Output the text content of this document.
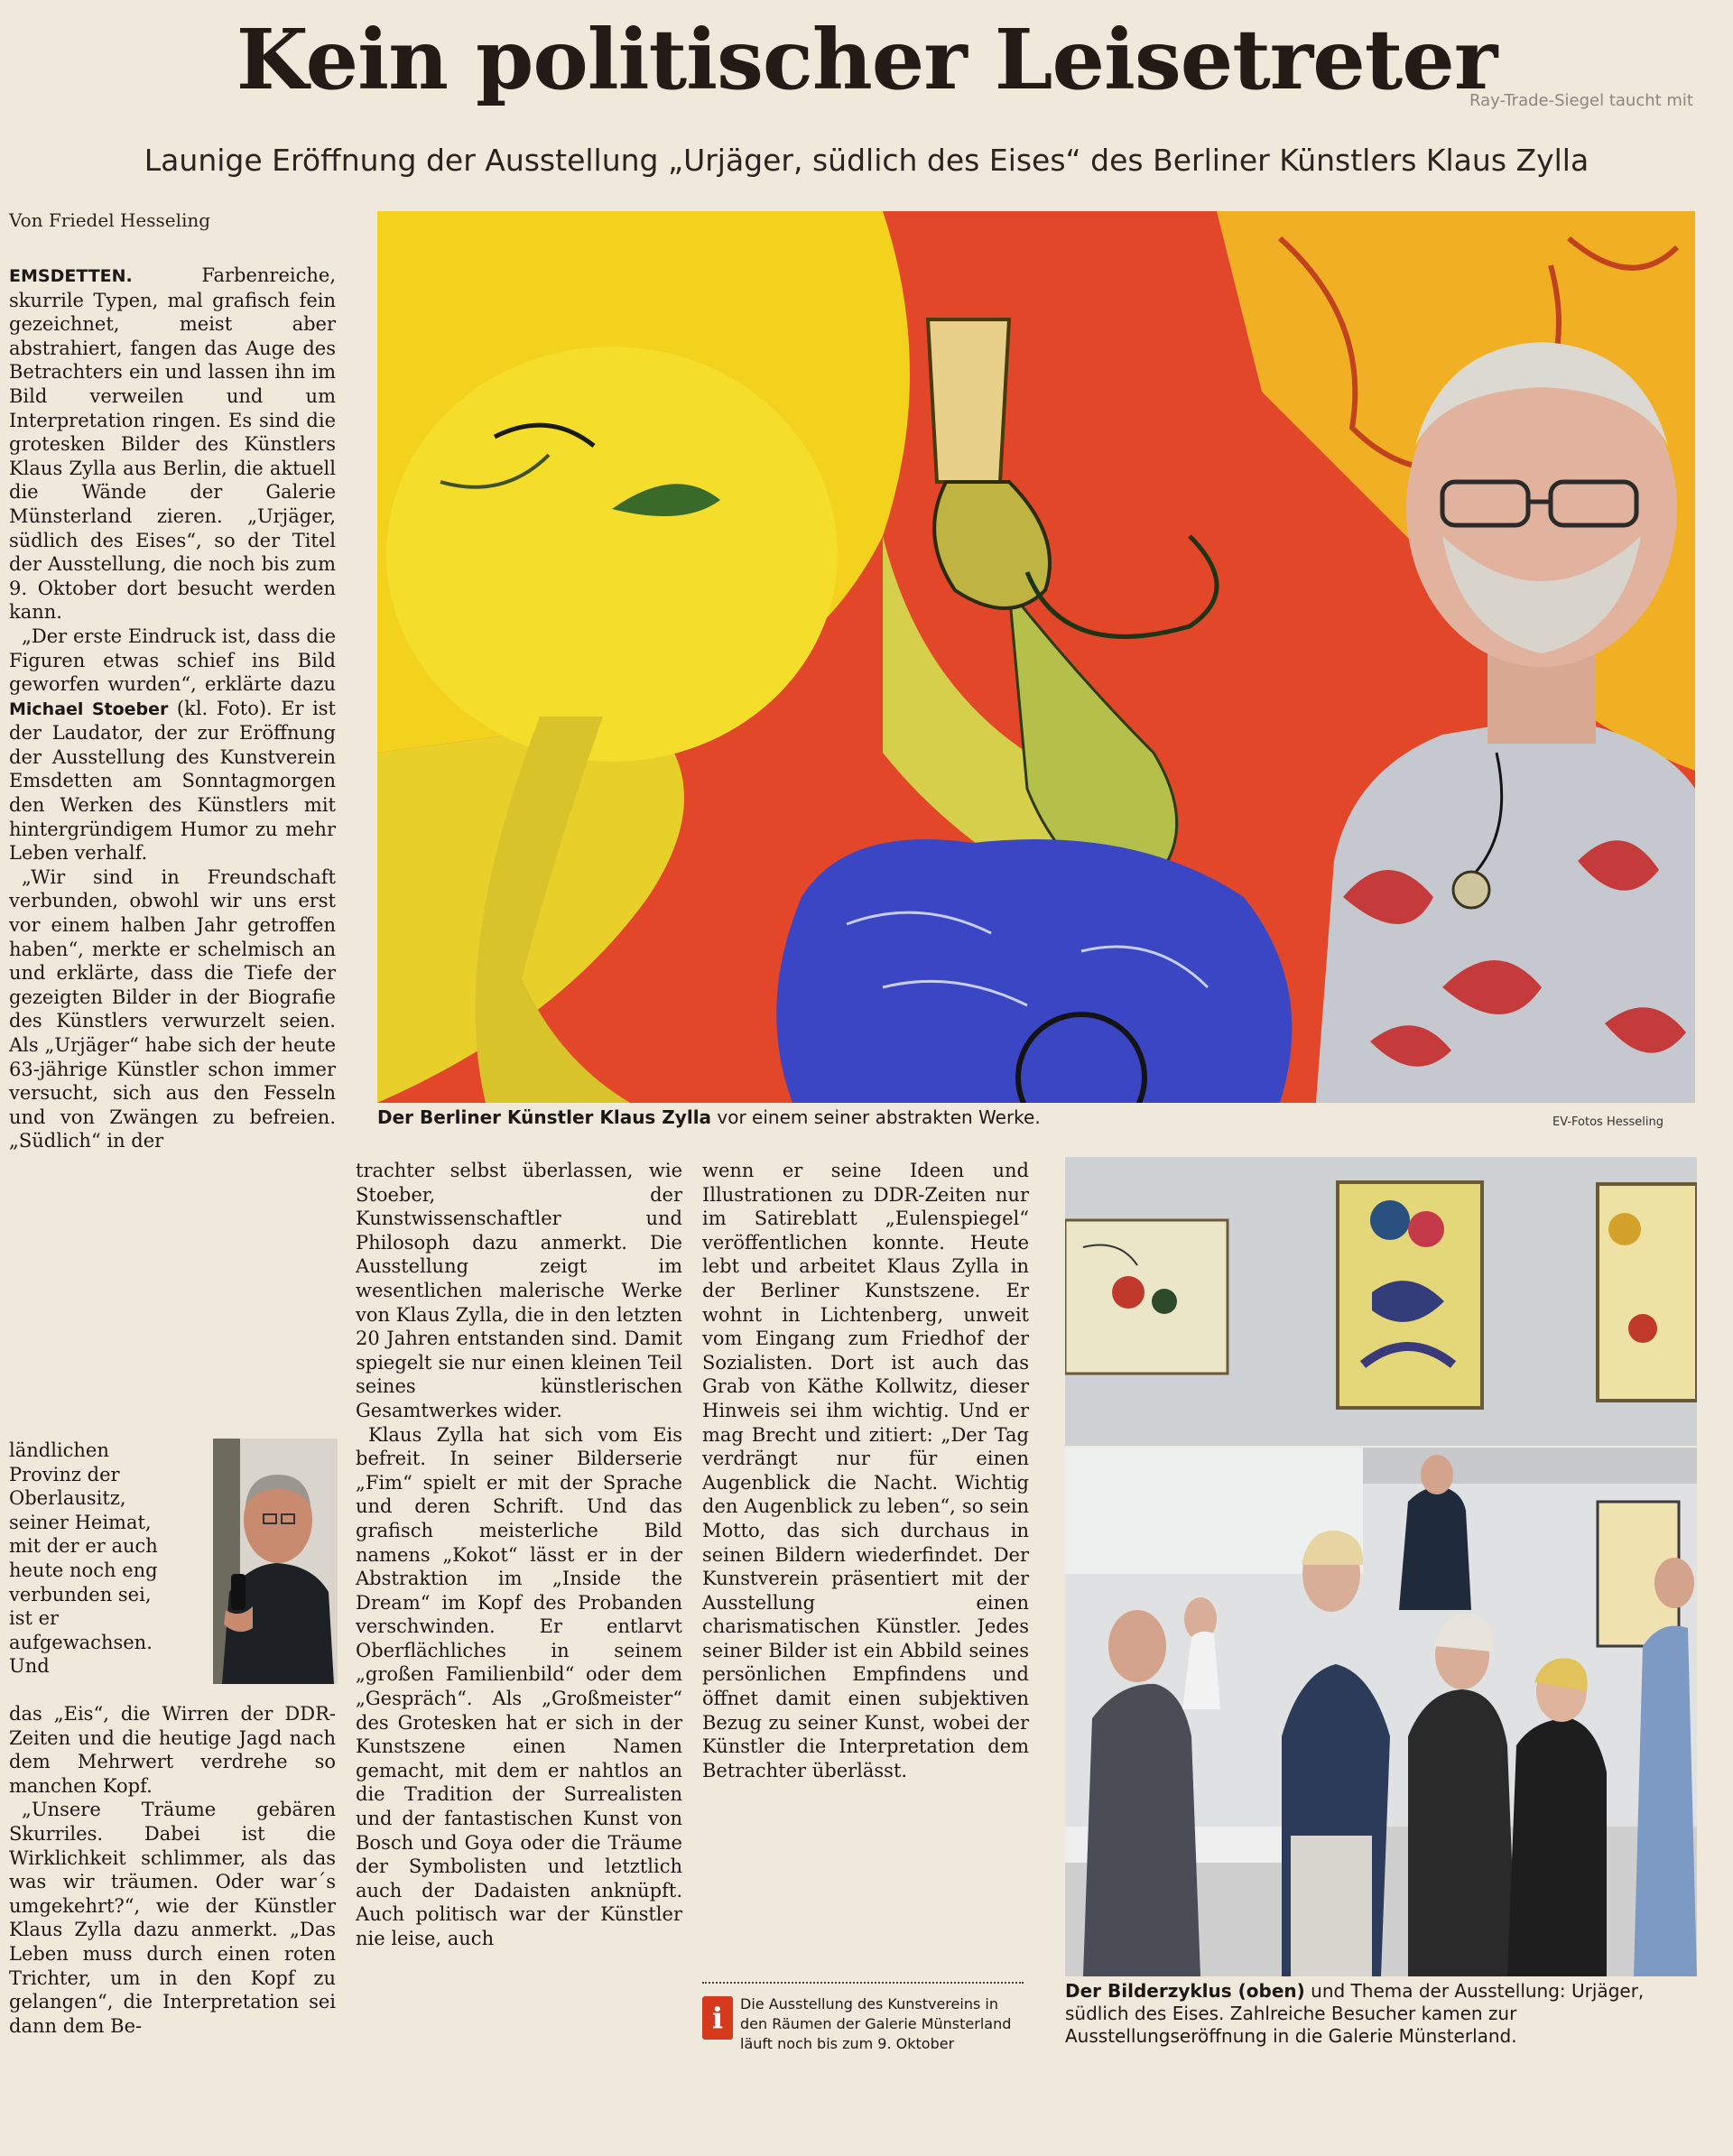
Kein politischer Leisetreter
Launige Eröffnung der Ausstellung „Urjäger, südlich des Eises“ des Berliner Künstlers Klaus Zylla
Von Friedel Hesseling
Ray-Trade-Siegel taucht mit
Der Berliner Künstler Klaus Zylla vor einem seiner abstrakten Werke.	EV-Fotos Hesseling

EMSDETTEN.	Farbenreiche, skurrile Typen, mal grafisch fein gezeichnet, meist aber abstrahiert, fangen das Auge des Betrachters ein und lassen ihn im Bild verweilen und um Interpretation ringen. Es sind die grotesken Bilder des Künstlers Klaus Zylla aus Berlin, die aktuell die Wände der Galerie Münsterland zieren. „Urjäger, südlich des Eises“, so der Titel der Ausstellung, die noch bis zum 9. Oktober dort besucht werden kann.

„Der erste Eindruck ist, dass die Figuren etwas schief ins Bild geworfen wurden“, erklärte dazu Michael Stoeber (kl. Foto). Er ist der Laudator, der zur Eröffnung der Ausstellung des Kunstverein Emsdetten am Sonntagmorgen den Werken des Künstlers mit hintergründigem Humor zu mehr Leben verhalf.

„Wir sind in Freundschaft verbunden, obwohl wir uns erst vor einem halben Jahr getroffen haben“, merkte er schelmisch an und erklärte, dass die Tiefe der gezeigten Bilder in der Biografie des Künstlers verwurzelt seien. Als „Urjäger“ habe sich der heute 63-jährige Künstler schon immer versucht, sich aus den Fesseln und von Zwängen zu befreien. „Südlich“ in der

ländlichen Provinz der Oberlausitz, seiner Heimat, mit der er auch heute noch eng verbunden sei, ist er aufgewachsen. Und

das „Eis“, die Wirren der DDR-Zeiten und die heutige Jagd nach dem Mehrwert verdrehe so manchen Kopf.

„Unsere Träume gebären Skurriles. Dabei ist die Wirklichkeit schlimmer, als das was wir träumen. Oder war´s umgekehrt?“, wie der Künstler Klaus Zylla dazu anmerkt. „Das Leben muss durch einen roten Trichter, um in den Kopf zu gelangen“, die Interpretation sei dann dem Be-

trachter selbst überlassen, wie Stoeber, der Kunstwissenschaftler und Philosoph dazu anmerkt. Die Ausstellung zeigt im wesentlichen malerische Werke von Klaus Zylla, die in den letzten 20 Jahren entstanden sind. Damit spiegelt sie nur einen kleinen Teil seines künstlerischen Gesamtwerkes wider.

Klaus Zylla hat sich vom Eis befreit. In seiner Bilderserie „Fim“ spielt er mit der Sprache und deren Schrift. Und das grafisch meisterliche Bild namens „Kokot“ lässt er in der Abstraktion im „Inside the Dream“ im Kopf des Probanden verschwinden. Er entlarvt Oberflächliches in seinem „großen Familienbild“ oder dem „Gespräch“. Als „Großmeister“ des Grotesken hat er sich in der Kunstszene einen Namen gemacht, mit dem er nahtlos an die Tradition der Surrealisten und der fantastischen Kunst von Bosch und Goya oder die Träume der Symbolisten und letztlich auch der Dadaisten anknüpft. Auch politisch war der Künstler nie leise, auch

wenn er seine Ideen und Illustrationen zu DDR-Zeiten nur im Satireblatt „Eulenspiegel“ veröffentlichen konnte. Heute lebt und arbeitet Klaus Zylla in der Berliner Kunstszene. Er wohnt in Lichtenberg, unweit vom Eingang zum Friedhof der Sozialisten. Dort ist auch das Grab von Käthe Kollwitz, dieser Hinweis sei ihm wichtig. Und er mag Brecht und zitiert: „Der Tag verdrängt nur für einen Augenblick die Nacht. Wichtig den Augenblick zu leben“, so sein Motto, das sich durchaus in seinen Bildern wiederfindet. Der Kunstverein präsentiert mit der Ausstellung einen charismatischen Künstler. Jedes seiner Bilder ist ein Abbild seines persönlichen Empfindens und öffnet damit einen subjektiven Bezug zu seiner Kunst, wobei der Künstler die Interpretation dem Betrachter überlässt.

i	Die Ausstellung des Kunstvereins in den Räumen der Galerie Münsterland läuft noch bis zum 9. Oktober
Der Bilderzyklus (oben) und Thema der Ausstellung: Urjäger, südlich des Eises. Zahlreiche Besucher kamen zur Ausstellungseröffnung in die Galerie Münsterland.
